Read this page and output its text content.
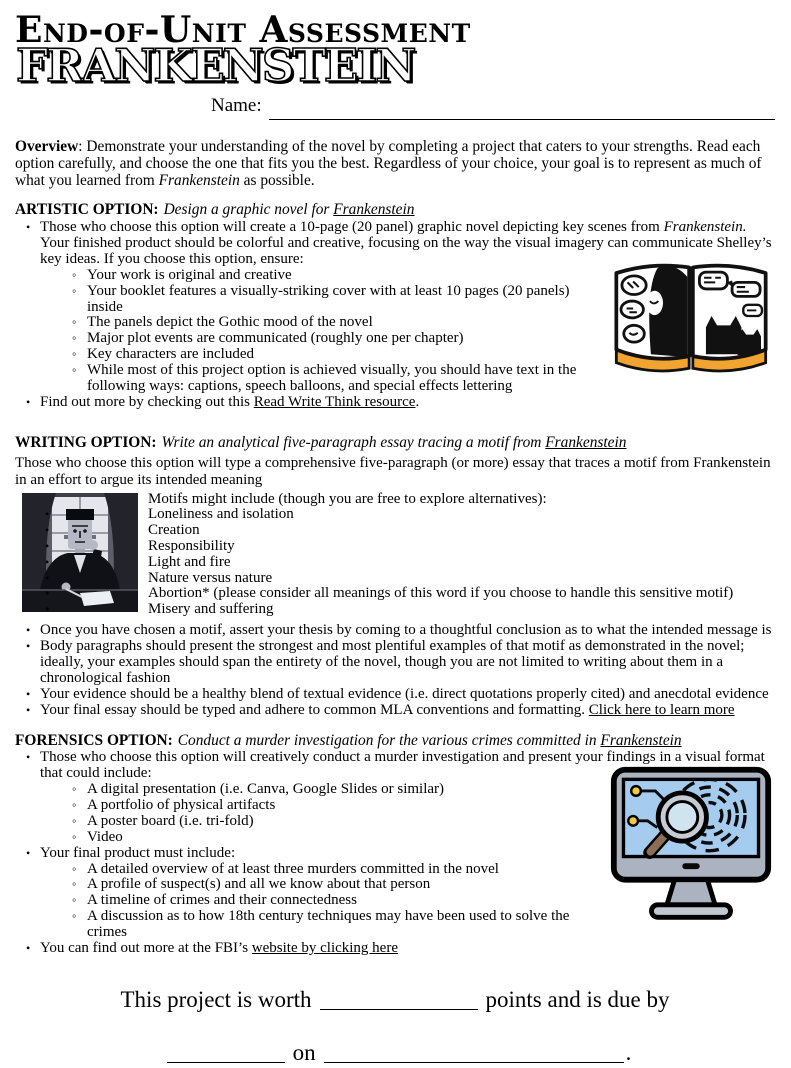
End-of-Unit Assessment
FRANKENSTEIN
Name:

Overview: Demonstrate your understanding of the novel by completing a project that caters to your strengths. Read each option carefully, and choose the one that fits you the best. Regardless of your choice, your goal is to represent as much of what you learned from Frankenstein as possible.

ARTISTIC OPTION: Design a graphic novel for Frankenstein
• Those who choose this option will create a 10-page (20 panel) graphic novel depicting key scenes from Frankenstein. Your finished product should be colorful and creative, focusing on the way the visual imagery can communicate Shelley’s key ideas. If you choose this option, ensure:
◦ Your work is original and creative
◦ Your booklet features a visually-striking cover with at least 10 pages (20 panels) inside
◦ The panels depict the Gothic mood of the novel
◦ Major plot events are communicated (roughly one per chapter)
◦ Key characters are included
◦ While most of this project option is achieved visually, you should have text in the following ways: captions, speech balloons, and special effects lettering
• Find out more by checking out this Read Write Think resource.
WRITING OPTION: Write an analytical five-paragraph essay tracing a motif from Frankenstein

Those who choose this option will type a comprehensive five-paragraph (or more) essay that traces a motif from Frankenstein in an effort to argue its intended meaning

Motifs might include (though you are free to explore alternatives):
• Loneliness and isolation
• Creation
• Responsibility
• Light and fire
• Nature versus nature
• Abortion* (please consider all meanings of this word if you choose to handle this sensitive motif)
• Misery and suffering
• Once you have chosen a motif, assert your thesis by coming to a thoughtful conclusion as to what the intended message is
• Body paragraphs should present the strongest and most plentiful examples of that motif as demonstrated in the novel; ideally, your examples should span the entirety of the novel, though you are not limited to writing about them in a chronological fashion
• Your evidence should be a healthy blend of textual evidence (i.e. direct quotations properly cited) and anecdotal evidence
• Your final essay should be typed and adhere to common MLA conventions and formatting. Click here to learn more
FORENSICS OPTION: Conduct a murder investigation for the various crimes committed in Frankenstein
• Those who choose this option will creatively conduct a murder investigation and present your findings in a visual format that could include:
◦ A digital presentation (i.e. Canva, Google Slides or similar)
◦ A portfolio of physical artifacts
◦ A poster board (i.e. tri-fold)
◦ Video
• Your final product must include:
◦ A detailed overview of at least three murders committed in the novel
◦ A profile of suspect(s) and all we know about that person
◦ A timeline of crimes and their connectedness
◦ A discussion as to how 18th century techniques may have been used to solve the crimes
• You can find out more at the FBI’s website by clicking here
This project is worth	points and is due by
on	.
